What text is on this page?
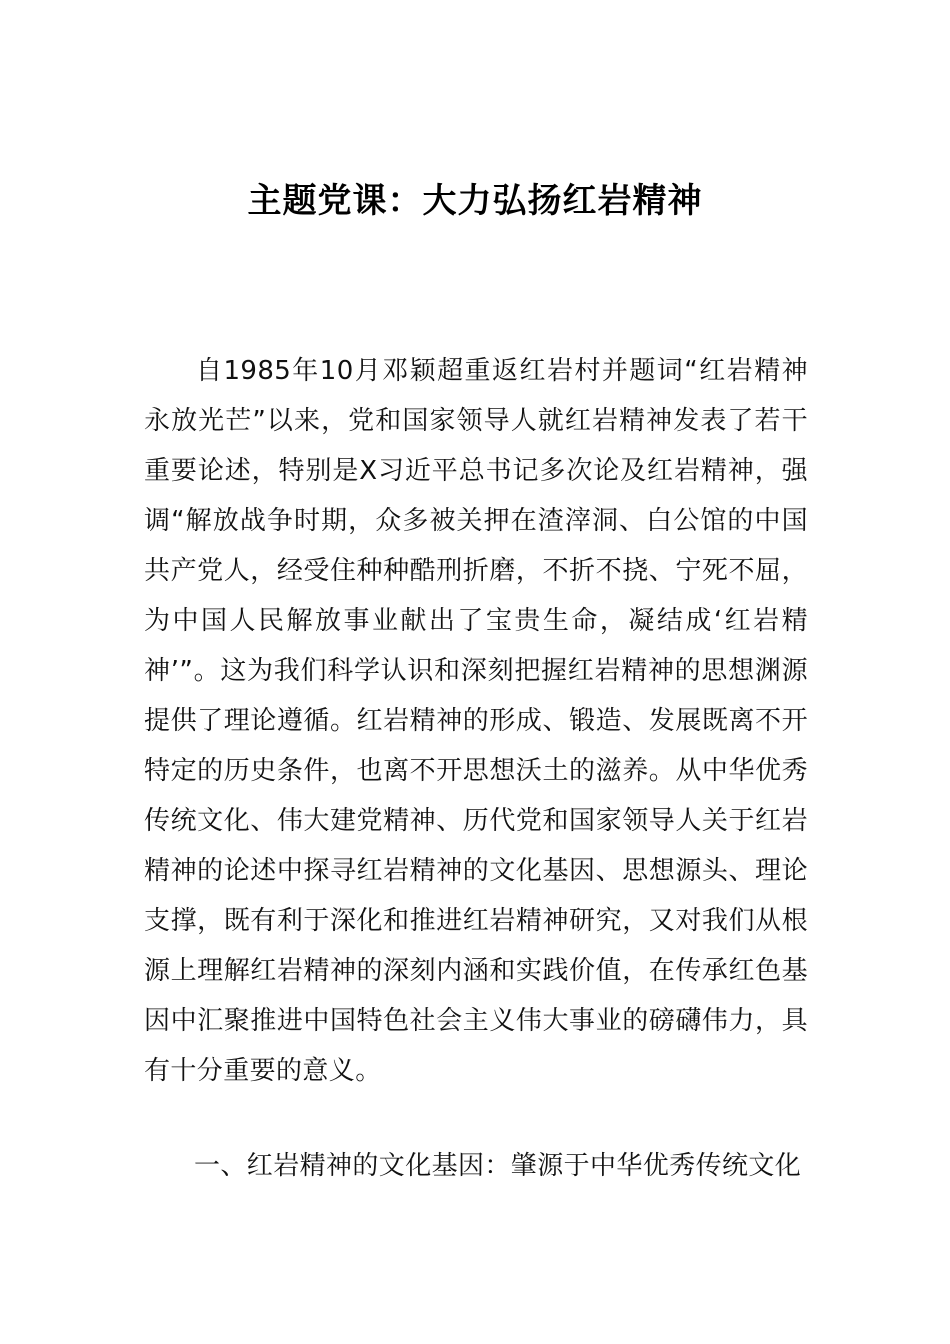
主题党课：大力弘扬红岩精神

自1985年10月邓颖超重返红岩村并题词“红岩精神永放光芒”以来，党和国家领导人就红岩精神发表了若干重要论述，特别是X习近平总书记多次论及红岩精神，强调“解放战争时期，众多被关押在渣滓洞、白公馆的中国共产党人，经受住种种酷刑折磨，不折不挠、宁死不屈，为中国人民解放事业献出了宝贵生命，凝结成‘红岩精神’”。这为我们科学认识和深刻把握红岩精神的思想渊源提供了理论遵循。红岩精神的形成、锻造、发展既离不开特定的历史条件，也离不开思想沃土的滋养。从中华优秀传统文化、伟大建党精神、历代党和国家领导人关于红岩精神的论述中探寻红岩精神的文化基因、思想源头、理论支撑，既有利于深化和推进红岩精神研究，又对我们从根源上理解红岩精神的深刻内涵和实践价值，在传承红色基因中汇聚推进中国特色社会主义伟大事业的磅礴伟力，具有十分重要的意义。

一、红岩精神的文化基因：肇源于中华优秀传统文化
